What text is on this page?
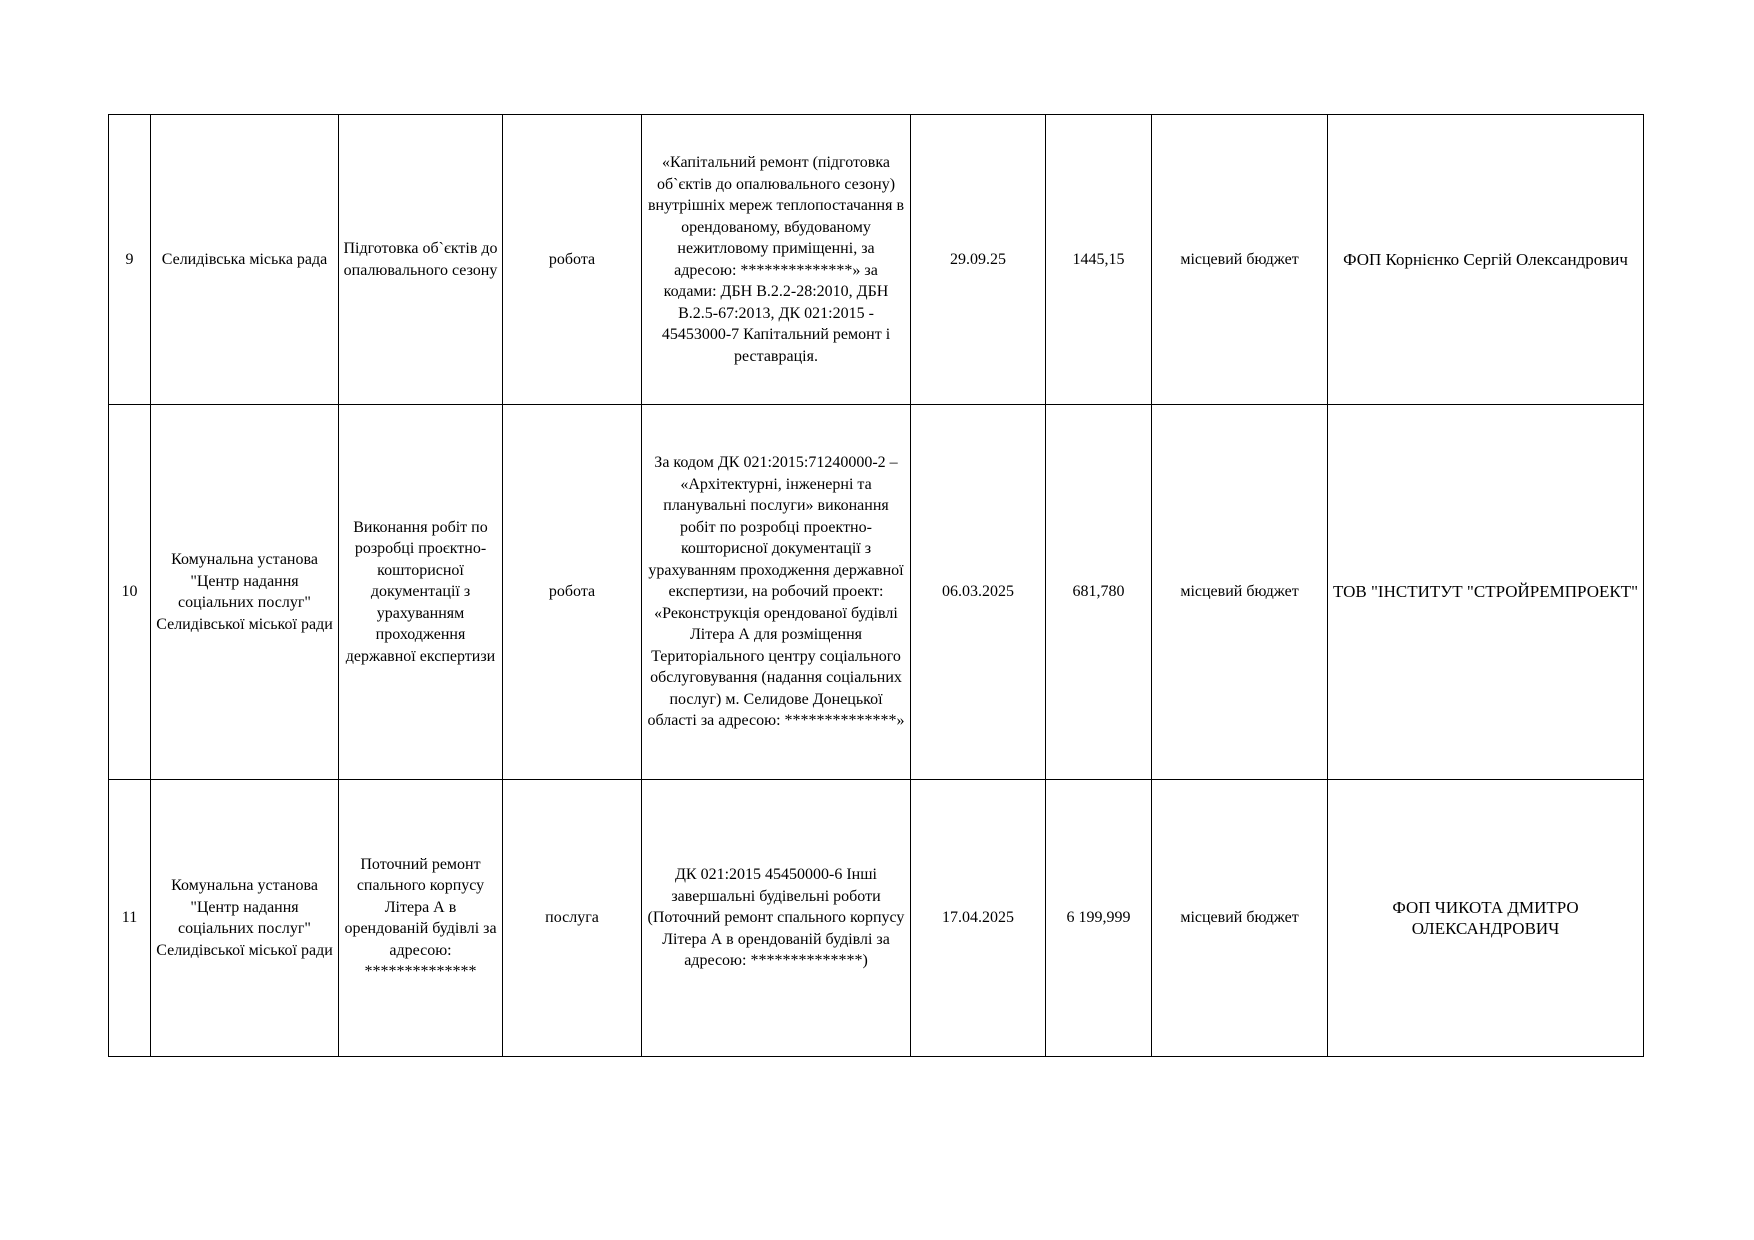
9	Селидівська міська рада	Підготовка об`єктів до опалювального сезону	робота	«Капітальний ремонт (підготовка об`єктів до опалювального сезону) внутрішніх мереж теплопостачання в орендованому, вбудованому нежитловому приміщенні, за адресою: **************» за кодами: ДБН В.2.2-28:2010, ДБН В.2.5-67:2013, ДК 021:2015 - 45453000-7 Капітальний ремонт і реставрація.	29.09.25	1445,15	місцевий бюджет	ФОП Корнієнко Сергій Олександрович
10	Комунальна установа "Центр надання соціальних послуг" Селидівської міської ради	Виконання робіт по розробці проєктно-кошторисної документації з урахуванням проходження державної експертизи	робота	За кодом ДК 021:2015:71240000-2 – «Архітектурні, інженерні та планувальні послуги» виконання робіт по розробці проектно-кошторисної документації з урахуванням проходження державної експертизи, на робочий проект: «Реконструкція орендованої будівлі Літера А для розміщення Територіального центру соціального обслуговування (надання соціальних послуг) м. Селидове Донецької області за адресою: **************»	06.03.2025	681,780	місцевий бюджет	ТОВ "ІНСТИТУТ "СТРОЙРЕМПРОЕКТ"
11	Комунальна установа "Центр надання соціальних послуг" Селидівської міської ради	Поточний ремонт спального корпусу Літера А в орендованій будівлі за адресою: **************	послуга	ДК 021:2015 45450000-6 Інші завершальні будівельні роботи (Поточний ремонт спального корпусу Літера А в орендованій будівлі за адресою: **************)	17.04.2025	6 199,999	місцевий бюджет	ФОП ЧИКОТА ДМИТРО ОЛЕКСАНДРОВИЧ
